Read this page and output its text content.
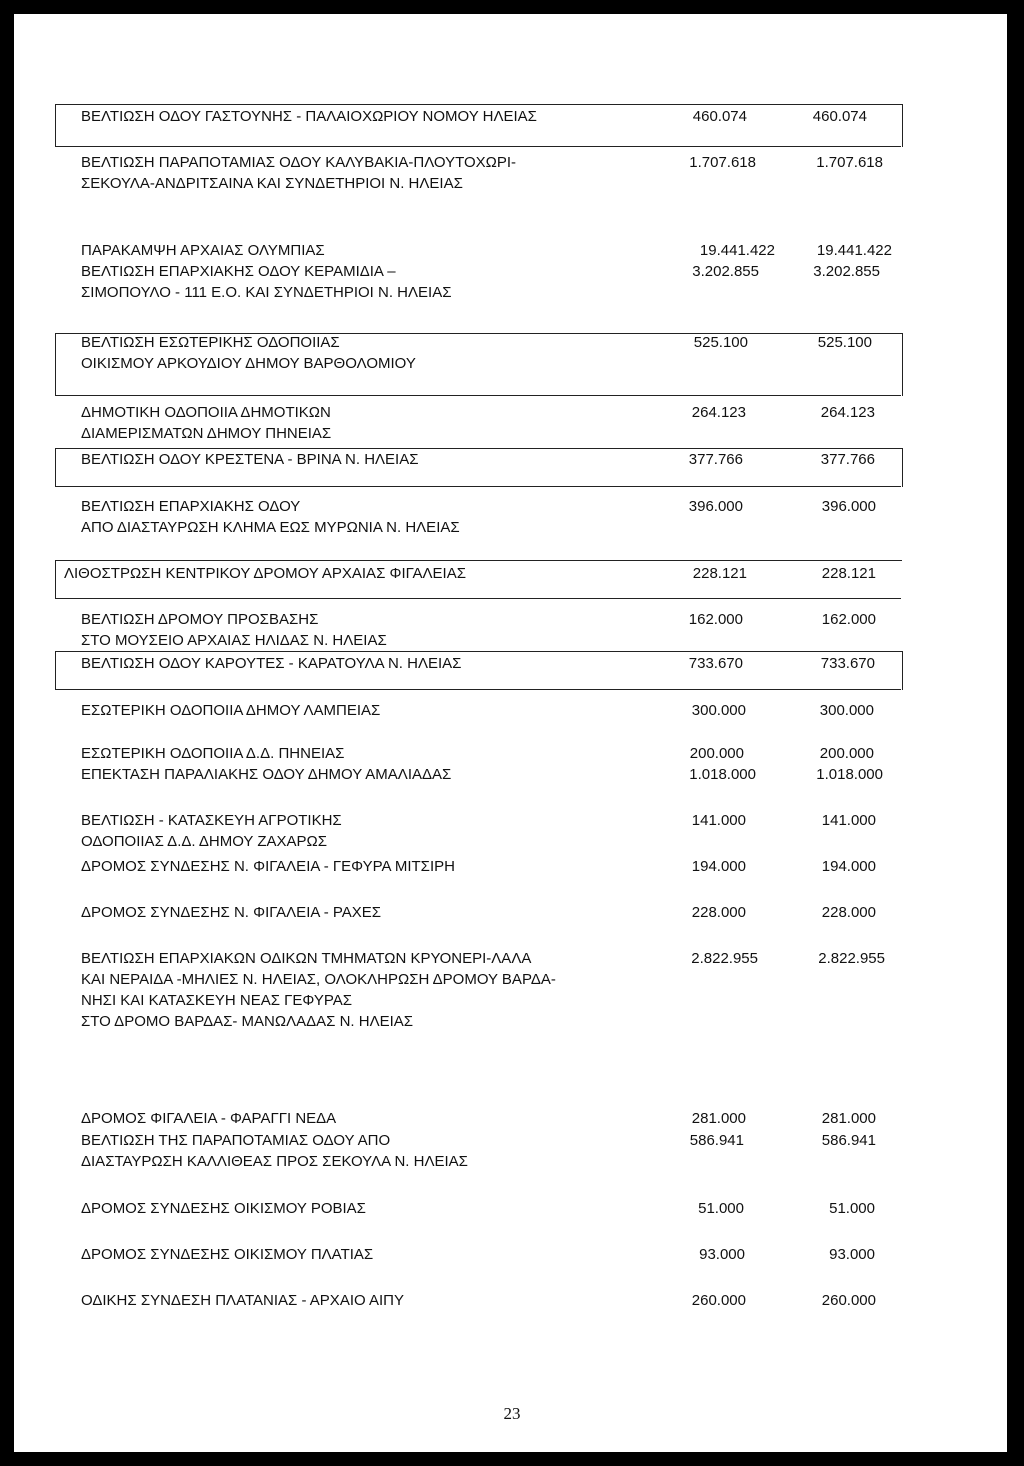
ΒΕΛΤΙΩΣΗ ΟΔΟΥ ΓΑΣΤΟΥΝΗΣ - ΠΑΛΑΙΟΧΩΡΙΟΥ ΝΟΜΟΥ ΗΛΕΙΑΣ	460.074	460.074
ΒΕΛΤΙΩΣΗ ΠΑΡΑΠΟΤΑΜΙΑΣ ΟΔΟΥ ΚΑΛΥΒΑΚΙΑ-ΠΛΟΥΤΟΧΩΡΙ-
ΣΕΚΟΥΛΑ-ΑΝΔΡΙΤΣΑΙΝΑ ΚΑΙ ΣΥΝΔΕΤΗΡΙΟΙ Ν. ΗΛΕΙΑΣ
1.707.618	1.707.618
ΠΑΡΑΚΑΜΨΗ ΑΡΧΑΙΑΣ ΟΛΥΜΠΙΑΣ	19.441.422	19.441.422
ΒΕΛΤΙΩΣΗ ΕΠΑΡΧΙΑΚΗΣ ΟΔΟΥ ΚΕΡΑΜΙΔΙΑ –
ΣΙΜΟΠΟΥΛΟ - 111 Ε.Ο. ΚΑΙ ΣΥΝΔΕΤΗΡΙΟΙ Ν. ΗΛΕΙΑΣ
3.202.855	3.202.855
ΒΕΛΤΙΩΣΗ ΕΣΩΤΕΡΙΚΗΣ ΟΔΟΠΟΙΙΑΣ
ΟΙΚΙΣΜΟΥ ΑΡΚΟΥΔΙΟΥ ΔΗΜΟΥ ΒΑΡΘΟΛΟΜΙΟΥ
525.100	525.100
ΔΗΜΟΤΙΚΗ ΟΔΟΠΟΙΙΑ ΔΗΜΟΤΙΚΩΝ
ΔΙΑΜΕΡΙΣΜΑΤΩΝ ΔΗΜΟΥ ΠΗΝΕΙΑΣ
264.123	264.123
ΒΕΛΤΙΩΣΗ ΟΔΟΥ ΚΡΕΣΤΕΝΑ - ΒΡΙΝΑ Ν. ΗΛΕΙΑΣ	377.766	377.766
ΒΕΛΤΙΩΣΗ ΕΠΑΡΧΙΑΚΗΣ ΟΔΟΥ
ΑΠΟ ΔΙΑΣΤΑΥΡΩΣΗ ΚΛΗΜΑ ΕΩΣ ΜΥΡΩΝΙΑ Ν. ΗΛΕΙΑΣ
396.000	396.000
ΛΙΘΟΣΤΡΩΣΗ ΚΕΝΤΡΙΚΟΥ ΔΡΟΜΟΥ ΑΡΧΑΙΑΣ ΦΙΓΑΛΕΙΑΣ	228.121	228.121
ΒΕΛΤΙΩΣΗ ΔΡΟΜΟΥ ΠΡΟΣΒΑΣΗΣ
ΣΤΟ ΜΟΥΣΕΙΟ ΑΡΧΑΙΑΣ ΗΛΙΔΑΣ Ν. ΗΛΕΙΑΣ
162.000	162.000
ΒΕΛΤΙΩΣΗ ΟΔΟΥ ΚΑΡΟΥΤΕΣ - ΚΑΡΑΤΟΥΛΑ Ν. ΗΛΕΙΑΣ	733.670	733.670
ΕΣΩΤΕΡΙΚΗ ΟΔΟΠΟΙΙΑ ΔΗΜΟΥ ΛΑΜΠΕΙΑΣ	300.000	300.000
ΕΣΩΤΕΡΙΚΗ ΟΔΟΠΟΙΙΑ Δ.Δ. ΠΗΝΕΙΑΣ	200.000	200.000
ΕΠΕΚΤΑΣΗ ΠΑΡΑΛΙΑΚΗΣ ΟΔΟΥ ΔΗΜΟΥ ΑΜΑΛΙΑΔΑΣ	1.018.000	1.018.000
ΒΕΛΤΙΩΣΗ - ΚΑΤΑΣΚΕΥΗ ΑΓΡΟΤΙΚΗΣ
ΟΔΟΠΟΙΙΑΣ Δ.Δ. ΔΗΜΟΥ ΖΑΧΑΡΩΣ
141.000	141.000
ΔΡΟΜΟΣ ΣΥΝΔΕΣΗΣ Ν. ΦΙΓΑΛΕΙΑ - ΓΕΦΥΡΑ ΜΙΤΣΙΡΗ	194.000	194.000
ΔΡΟΜΟΣ ΣΥΝΔΕΣΗΣ Ν. ΦΙΓΑΛΕΙΑ - ΡΑΧΕΣ	228.000	228.000
ΒΕΛΤΙΩΣΗ ΕΠΑΡΧΙΑΚΩΝ ΟΔΙΚΩΝ ΤΜΗΜΑΤΩΝ ΚΡΥΟΝΕΡΙ-ΛΑΛΑ
ΚΑΙ ΝΕΡΑΙΔΑ -ΜΗΛΙΕΣ Ν. ΗΛΕΙΑΣ, ΟΛΟΚΛΗΡΩΣΗ ΔΡΟΜΟΥ ΒΑΡΔΑ-
ΝΗΣΙ ΚΑΙ ΚΑΤΑΣΚΕΥΗ ΝΕΑΣ ΓΕΦΥΡΑΣ
ΣΤΟ ΔΡΟΜΟ ΒΑΡΔΑΣ- ΜΑΝΩΛΑΔΑΣ Ν. ΗΛΕΙΑΣ
2.822.955	2.822.955
ΔΡΟΜΟΣ ΦΙΓΑΛΕΙΑ - ΦΑΡΑΓΓΙ ΝΕΔΑ	281.000	281.000
ΒΕΛΤΙΩΣΗ ΤΗΣ ΠΑΡΑΠΟΤΑΜΙΑΣ ΟΔΟΥ ΑΠΟ
ΔΙΑΣΤΑΥΡΩΣΗ ΚΑΛΛΙΘΕΑΣ ΠΡΟΣ ΣΕΚΟΥΛΑ Ν. ΗΛΕΙΑΣ
586.941	586.941
ΔΡΟΜΟΣ ΣΥΝΔΕΣΗΣ ΟΙΚΙΣΜΟΥ ΡΟΒΙΑΣ	51.000	51.000
ΔΡΟΜΟΣ ΣΥΝΔΕΣΗΣ ΟΙΚΙΣΜΟΥ ΠΛΑΤΙΑΣ	93.000	93.000
ΟΔΙΚΗΣ ΣΥΝΔΕΣΗ ΠΛΑΤΑΝΙΑΣ - ΑΡΧΑΙΟ ΑΙΠΥ	260.000	260.000
23
